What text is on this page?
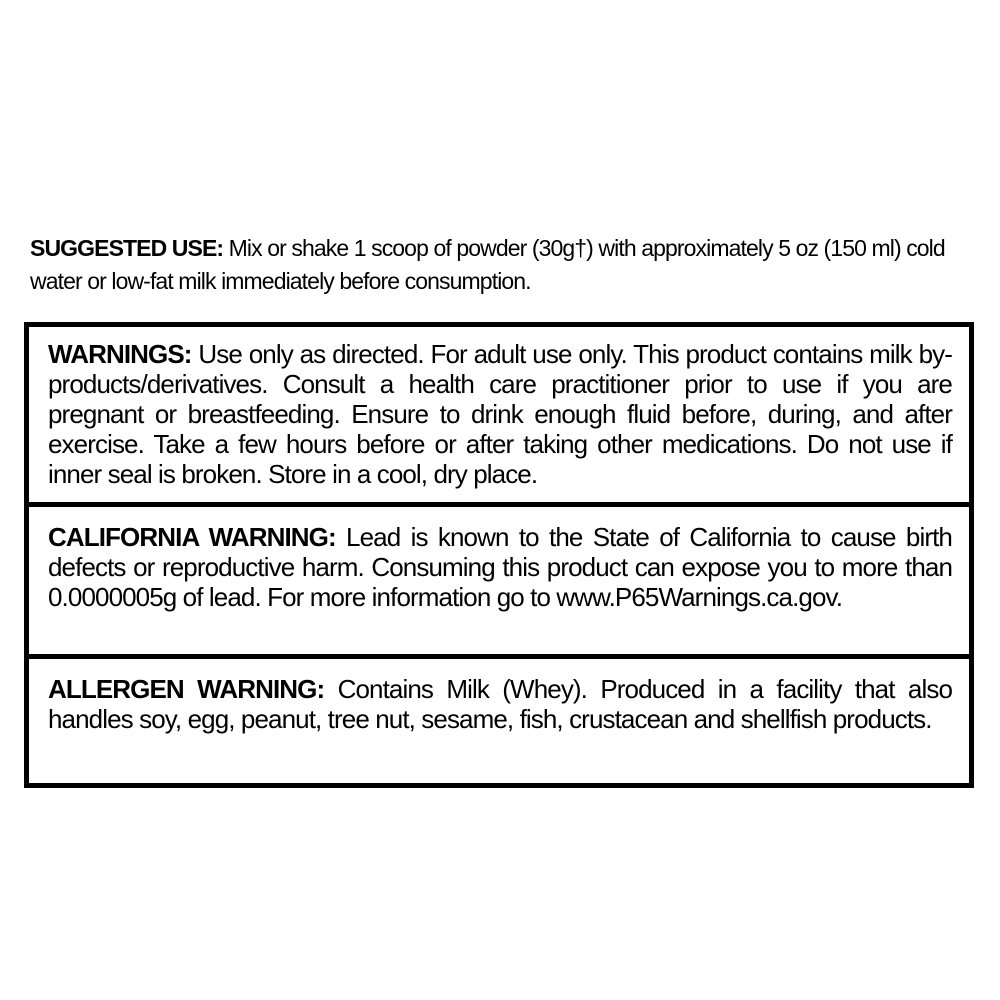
SUGGESTED USE: Mix or shake 1 scoop of powder (30g†) with approximately 5 oz (150 ml) cold water or low-fat milk immediately before consumption.
WARNINGS: Use only as directed. For adult use only. This product contains milk by-products/derivatives. Consult a health care practitioner prior to use if you are pregnant or breastfeeding. Ensure to drink enough fluid before, during, and after exercise. Take a few hours before or after taking other medications. Do not use if inner seal is broken. Store in a cool, dry place.
CALIFORNIA WARNING: Lead is known to the State of California to cause birth defects or reproductive harm. Consuming this product can expose you to more than 0.0000005g of lead. For more information go to www.P65Warnings.ca.gov.
ALLERGEN WARNING: Contains Milk (Whey). Produced in a facility that also handles soy, egg, peanut, tree nut, sesame, fish, crustacean and shellfish products.
